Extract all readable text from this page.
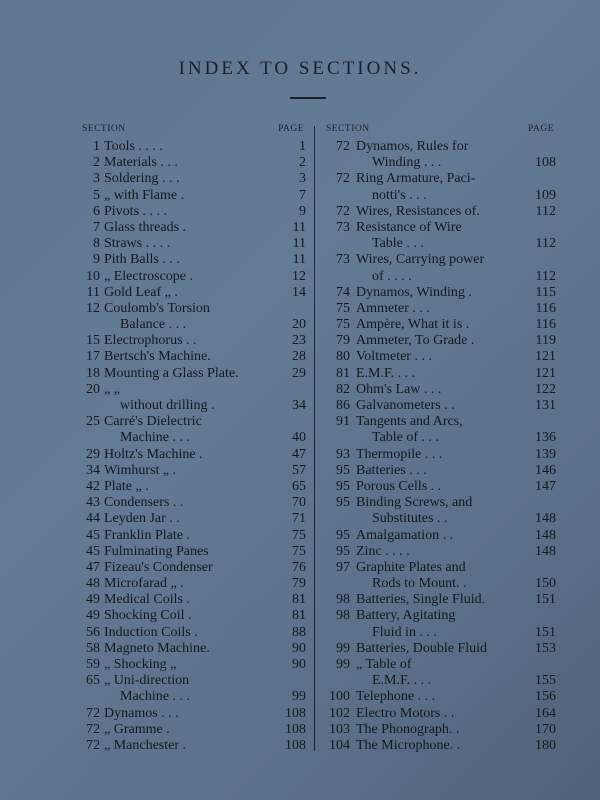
INDEX TO SECTIONS.
SECTION	PAGE
1 Tools . . . .	1
2 Materials . . .	2
3 Soldering . . .	3
5 „ with Flame .	7
6 Pivots . . . .	9
7 Glass threads .	11
8 Straws . . . .	11
9 Pith Balls . . .	11
10 „ Electroscope .	12
11 Gold Leaf „ .	14
12 Coulomb's Torsion
Balance . . .	20
15 Electrophorus . .	23
17 Bertsch's Machine.	28
18 Mounting a Glass Plate.	29
20 „ „
without drilling .	34
25 Carré's Dielectric
Machine . . .	40
29 Holtz's Machine .	47
34 Wimhurst „ .	57
42 Plate „ .	65
43 Condensers . .	70
44 Leyden Jar . .	71
45 Franklin Plate .	75
45 Fulminating Panes	75
47 Fizeau's Condenser	76
48 Microfarad „ .	79
49 Medical Coils .	81
49 Shocking Coil .	81
56 Induction Coils .	88
58 Magneto Machine.	90
59 „ Shocking „	90
65 „ Uni-direction
Machine . . .	99
72 Dynamos . . .	108
72 „ Gramme .	108
72 „ Manchester .	108
SECTION	PAGE
72 Dynamos, Rules for
Winding . . .	108
72 Ring Armature, Paci-
notti's . . .	109
72 Wires, Resistances of.	112
73 Resistance of Wire
Table . . .	112
73 Wires, Carrying power
of . . . .	112
74 Dynamos, Winding .	115
75 Ammeter . . .	116
75 Ampère, What it is .	116
79 Ammeter, To Grade .	119
80 Voltmeter . . .	121
81 E.M.F. . . .	121
82 Ohm's Law . . .	122
86 Galvanometers . .	131
91 Tangents and Arcs,
Table of . . .	136
93 Thermopile . . .	139
95 Batteries . . .	146
95 Porous Cells . .	147
95 Binding Screws, and
Substitutes . .	148
95 Amalgamation . .	148
95 Zinc . . . .	148
97 Graphite Plates and
Rods to Mount. .	150
98 Batteries, Single Fluid.	151
98 Battery, Agitating
Fluid in . . .	151
99 Batteries, Double Fluid	153
99 „ Table of
E.M.F. . . .	155
100 Telephone . . .	156
102 Electro Motors . .	164
103 The Phonograph. .	170
104 The Microphone. .	180
